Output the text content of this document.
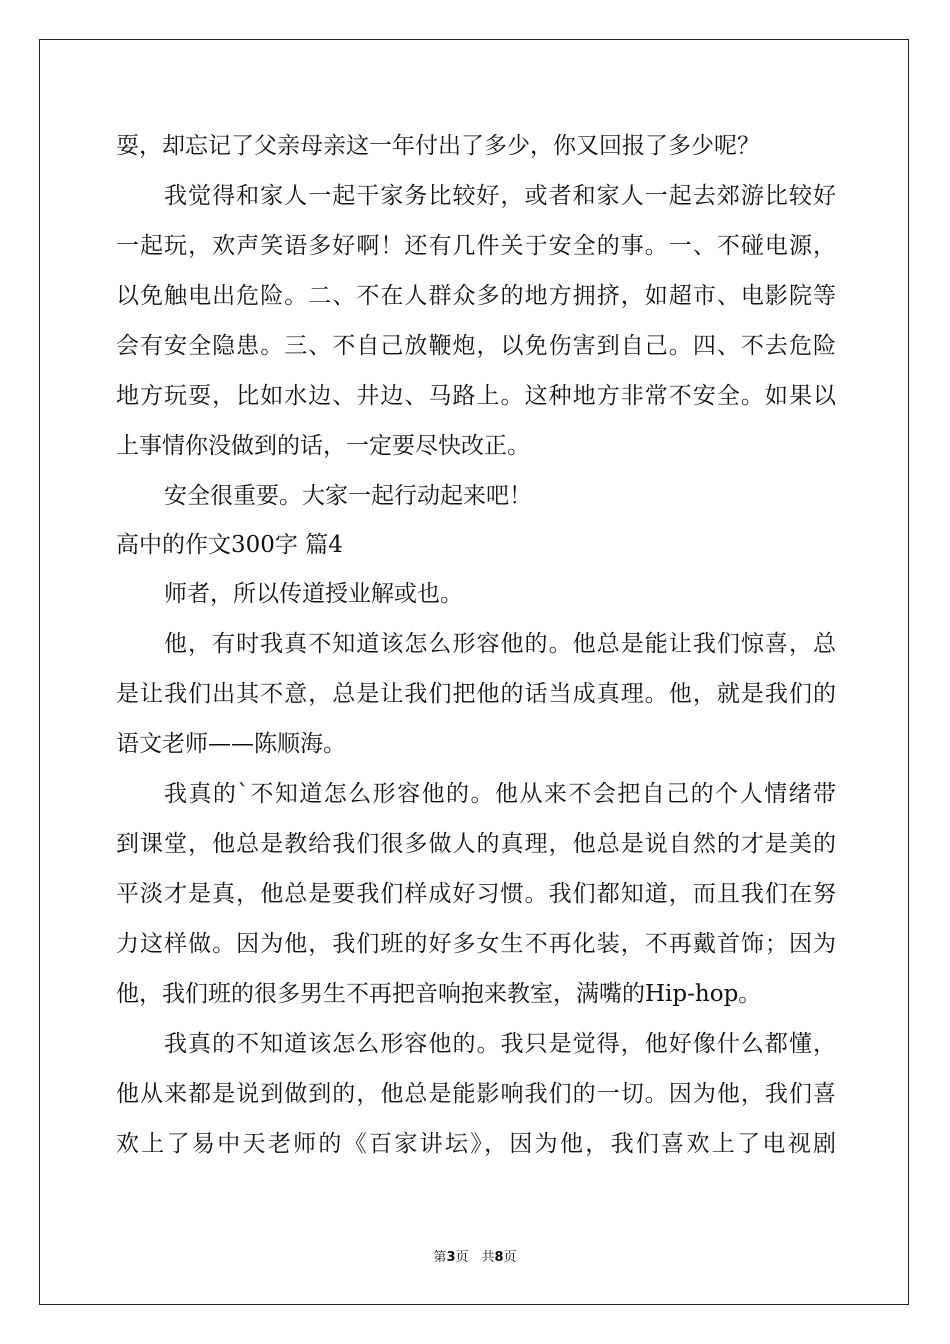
耍，却忘记了父亲母亲这一年付出了多少，你又回报了多少呢？
我觉得和家人一起干家务比较好，或者和家人一起去郊游比较好
一起玩，欢声笑语多好啊！还有几件关于安全的事。一、不碰电源，
以免触电出危险。二、不在人群众多的地方拥挤，如超市、电影院等
会有安全隐患。三、不自己放鞭炮，以免伤害到自己。四、不去危险
地方玩耍，比如水边、井边、马路上。这种地方非常不安全。如果以
上事情你没做到的话，一定要尽快改正。
安全很重要。大家一起行动起来吧！
高中的作文300字 篇4
师者，所以传道授业解或也。
他，有时我真不知道该怎么形容他的。他总是能让我们惊喜，总
是让我们出其不意，总是让我们把他的话当成真理。他，就是我们的
语文老师——陈顺海。
我真的`不知道怎么形容他的。他从来不会把自己的个人情绪带
到课堂，他总是教给我们很多做人的真理，他总是说自然的才是美的
平淡才是真，他总是要我们样成好习惯。我们都知道，而且我们在努
力这样做。因为他，我们班的好多女生不再化装，不再戴首饰；因为
他，我们班的很多男生不再把音响抱来教室，满嘴的Hip-hop。
我真的不知道该怎么形容他的。我只是觉得，他好像什么都懂，
他从来都是说到做到的，他总是能影响我们的一切。因为他，我们喜
欢上了易中天老师的《百家讲坛》，因为他，我们喜欢上了电视剧
第3页　共8页
